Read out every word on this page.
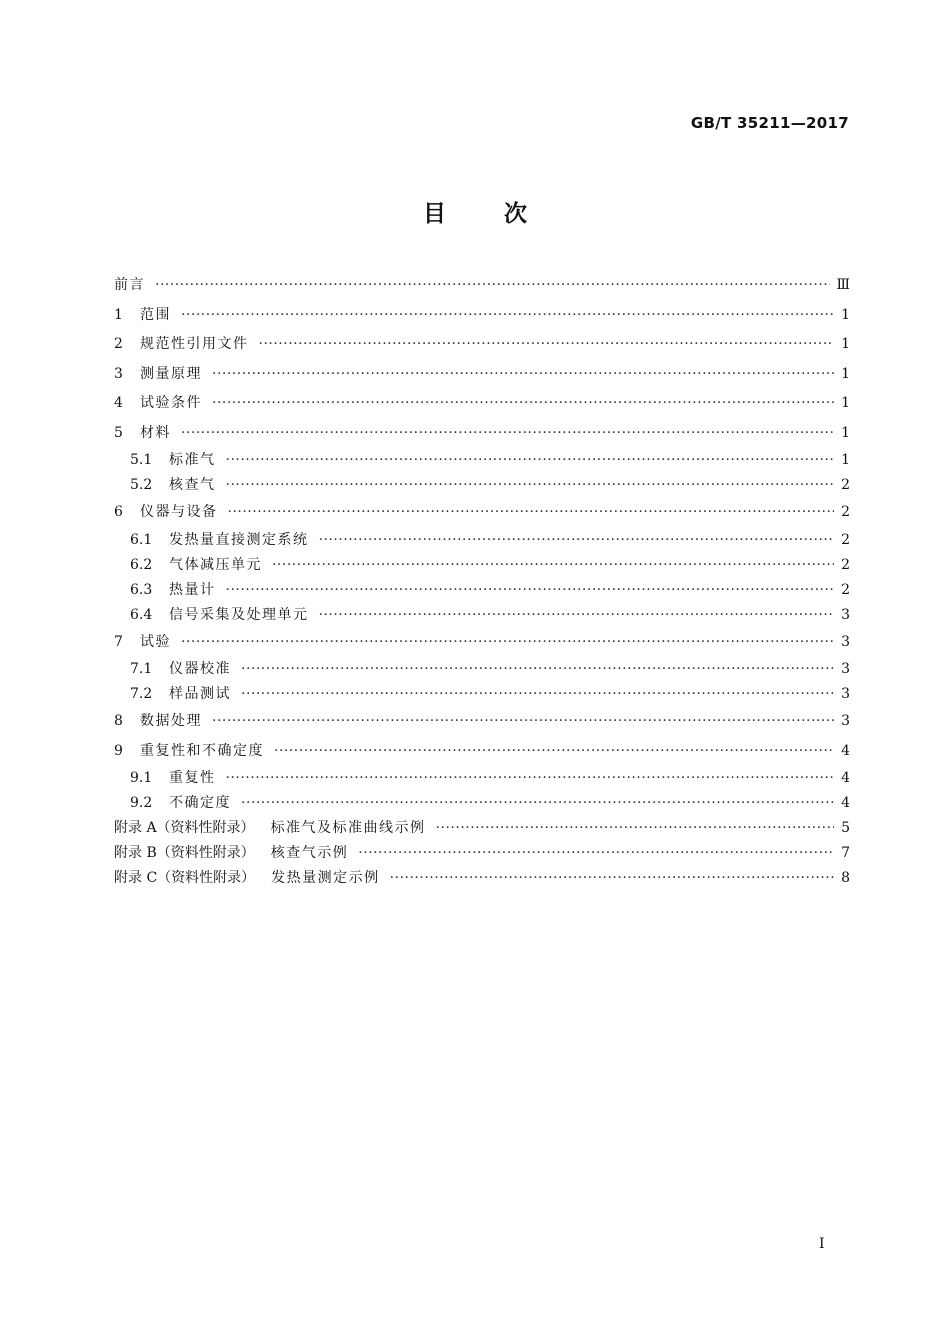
GB/T 35211—2017
目次
前言 ·····	Ⅲ
1	范围 ·····	1
2	规范性引用文件 ·····	1
3	测量原理 ·····	1
4	试验条件 ·····	1
5	材料 ·····	1
5.1	标准气 ·····	1
5.2	核查气 ·····	2
6	仪器与设备 ·····	2
6.1	发热量直接测定系统 ·····	2
6.2	气体减压单元 ·····	2
6.3	热量计 ·····	2
6.4	信号采集及处理单元 ·····	3
7	试验 ·····	3
7.1	仪器校准 ·····	3
7.2	样品测试 ·····	3
8	数据处理 ·····	3
9	重复性和不确定度 ·····	4
9.1	重复性 ·····	4
9.2	不确定度 ·····	4
附录 A（资料性附录） 标准气及标准曲线示例 ·····	5
附录 B（资料性附录） 核查气示例 ·····	7
附录 C（资料性附录） 发热量测定示例 ·····	8
I
